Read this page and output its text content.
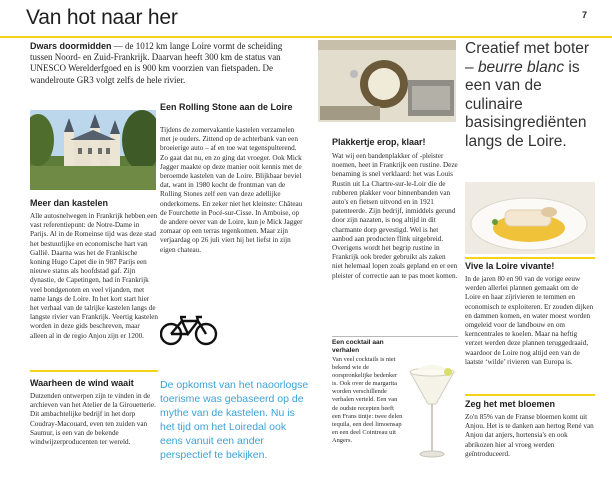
Van hot naar her	7
Dwars doormidden — de 1012 km lange Loire vormt de scheiding tussen Noord- en Zuid-Frankrijk. Daarvan heeft 300 km de status van UNESCO Werelderfgoed en is 900 km voorzien van fietspaden. De wandelroute GR3 volgt zelfs de hele rivier.
Meer dan kastelen
Alle autosnelwegen in Frankrijk hebben een vast referentiepunt: de Notre-Dame in Parijs. Al in de Romeinse tijd was deze stad het bestuurlijke en economische hart van Gallië. Daarna was het de Frankische koning Hugo Capet die in 987 Parijs een nieuwe status als hoofdstad gaf. Zijn dynastie, de Capetingen, had in Frankrijk veel bondgenoten en veel vijanden, met name langs de Loire. In het kort start hier het verhaal van de talrijke kastelen langs de langste rivier van Frankrijk. Veertig kastelen worden in deze gids beschreven, maar alleen al in de regio Anjou zijn er 1200.
Een Rolling Stone aan de Loire
Tijdens de zomervakantie kastelen verzamelen met je ouders. Zittend op de achterbank van een broeierige auto – af en toe wat tegenspulterend. Zo gaat dat nu, en zo ging dat vroeger. Ook Mick Jagger maakte op deze manier ooit kennis met de beroemde kastelen van de Loire. Blijkbaar beviel dat, want in 1980 kocht de frontman van de Rolling Stones zelf een van deze adellijke onderkomens. En zeker niet het kleinste: Château de Fourchette in Pocé-sur-Cisse. In Amboise, op de andere oever van de Loire, kun je Mick Jagger zomaar op een terras tegenkomen. Maar zijn verjaardag op 26 juli viert hij het liefst in zijn eigen chateau.
Waarheen de wind waait
Dutzenden ontwerpen zijn te vinden in de archieven van het Atelier de la Girouetterie. Dit ambachtelijke bedrijf in het dorp Coudray-Macouard, even ten zuiden van Saumur, is een van de bekende windwijzerproducenten ter wereld.
De opkomst van het naoorlogse toerisme was gebaseerd op de mythe van de kastelen. Nu is het tijd om het Loiredal ook eens vanuit een ander perspectief te bekijken.
Plakkertje erop, klaar!
Wat wij een bandenplakker of -pleister noemen, heet in Frankrijk een rustine. Deze benaming is snel verklaard: het was Louis Rustin uit La Chartre-sur-le-Loir die de rubberen plakker voor binnenbanden van auto's en fietsen uitvond en in 1921 patenteerde. Zijn bedrijf, inmiddels gerund door zijn nazaten, is nog altijd in dit charmante dorp gevestigd. Wel is het aanbod aan producten flink uitgebreid. Overigens wordt het begrip rustine in Frankrijk ook breder gebruikt als zaken niet helemaal lopen zoals gepland en er een pleister of correctie aan te pas moet komen.
Een cocktail aan verhalen
Van veel cocktails is niet bekend wie de oorspronkelijke bedenker is. Ook over de margarita worden verschillende verhalen verteld. Een van de oudste recepten heeft een Frans tintje: twee delen tequila, een deel limoensap en een deel Cointreau uit Angers.
Creatief met boter – beurre blanc is een van de culinaire basisingrediënten langs de Loire.
Vive la Loire vivante!
In de jaren 80 en 90 van de vorige eeuw werden allerlei plannen gemaakt om de Loire en haar zijrivieren te temmen en economisch te exploiteren. Er zouden dijken en dammen komen, en water moest worden omgeleid voor de landbouw en om kerncentrales te koelen. Maar na heftig verzet werden deze plannen teruggedraaid, waardoor de Loire nog altijd een van de laatste ‘wilde’ rivieren van Europa is.
Zeg het met bloemen
Zo'n 85% van de Franse bloemen komt uit Anjou. Het is te danken aan hertog René van Anjou dat anjers, hortensia's en ook abrikozen hier al vroeg werden geïntroduceerd.
